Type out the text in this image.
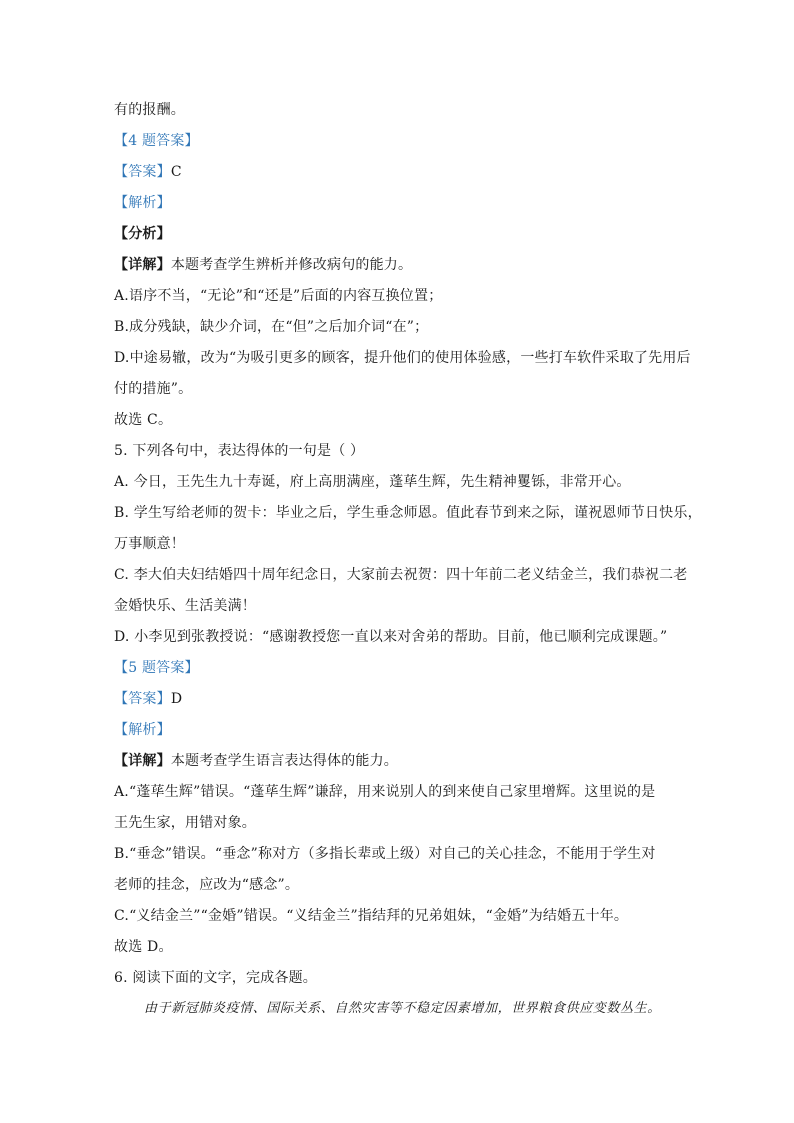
有的报酬。
【4 题答案】
【答案】C
【解析】
【分析】
【详解】本题考查学生辨析并修改病句的能力。
A.语序不当，“无论”和“还是”后面的内容互换位置；
B.成分残缺，缺少介词，在“但”之后加介词“在”；
D.中途易辙，改为“为吸引更多的顾客，提升他们的使用体验感，一些打车软件采取了先用后
付的措施”。
故选 C。
5. 下列各句中，表达得体的一句是（ ）
A. 今日，王先生九十寿诞，府上高朋满座，蓬荜生辉，先生精神矍铄，非常开心。
B. 学生写给老师的贺卡：毕业之后，学生垂念师恩。值此春节到来之际，谨祝恩师节日快乐，
万事顺意！
C. 李大伯夫妇结婚四十周年纪念日，大家前去祝贺：四十年前二老义结金兰，我们恭祝二老
金婚快乐、生活美满！
D. 小李见到张教授说：“感谢教授您一直以来对舍弟的帮助。目前，他已顺利完成课题。”
【5 题答案】
【答案】D
【解析】
【详解】本题考查学生语言表达得体的能力。
A.“蓬荜生辉”错误。“蓬荜生辉”谦辞，用来说别人的到来使自己家里增辉。这里说的是
王先生家，用错对象。
B.“垂念”错误。“垂念”称对方（多指长辈或上级）对自己的关心挂念，不能用于学生对
老师的挂念，应改为“感念”。
C.“义结金兰”“金婚”错误。“义结金兰”指结拜的兄弟姐妹，“金婚”为结婚五十年。
故选 D。
6. 阅读下面的文字，完成各题。
由于新冠肺炎疫情、国际关系、自然灾害等不稳定因素增加，世界粮食供应变数丛生。
